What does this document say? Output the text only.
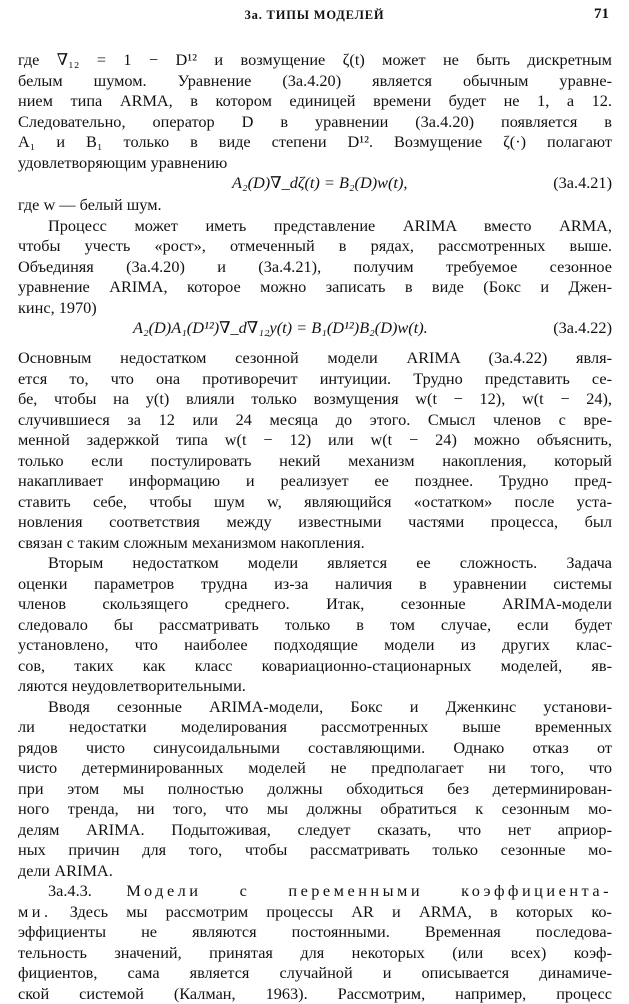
3а. ТИПЫ МОДЕЛЕЙ	71
где ∇₁₂ = 1 − D¹² и возмущение ζ(t) может не быть дискретным
белым шумом. Уравнение (3а.4.20) является обычным уравне-
нием типа ARMA, в котором единицей времени будет не 1, а 12.
Следовательно, оператор D в уравнении (3а.4.20) появляется в
A₁ и B₁ только в виде степени D¹². Возмущение ζ(·) полагают
удовлетворяющим уравнению
A₂(D)∇_dζ(t) = B₂(D)w(t),	(3а.4.21)
где w — белый шум.
Процесс может иметь представление ARIMA вместо ARMA,
чтобы учесть «рост», отмеченный в рядах, рассмотренных выше.
Объединяя (3а.4.20) и (3а.4.21), получим требуемое сезонное
уравнение ARIMA, которое можно записать в виде (Бокс и Джен-
кинс, 1970)
A₂(D)A₁(D¹²)∇_d∇₁₂y(t) = B₁(D¹²)B₂(D)w(t).	(3а.4.22)
Основным недостатком сезонной модели ARIMA (3а.4.22) явля-
ется то, что она противоречит интуиции. Трудно представить се-
бе, чтобы на y(t) влияли только возмущения w(t − 12), w(t − 24),
случившиеся за 12 или 24 месяца до этого. Смысл членов с вре-
менной задержкой типа w(t − 12) или w(t − 24) можно объяснить,
только если постулировать некий механизм накопления, который
накапливает информацию и реализует ее позднее. Трудно пред-
ставить себе, чтобы шум w, являющийся «остатком» после уста-
новления соответствия между известными частями процесса, был
связан с таким сложным механизмом накопления.
Вторым недостатком модели является ее сложность. Задача
оценки параметров трудна из-за наличия в уравнении системы
членов скользящего среднего. Итак, сезонные ARIMA-модели
следовало бы рассматривать только в том случае, если будет
установлено, что наиболее подходящие модели из других клас-
сов, таких как класс ковариационно-стационарных моделей, яв-
ляются неудовлетворительными.
Вводя сезонные ARIMA-модели, Бокс и Дженкинс установи-
ли недостатки моделирования рассмотренных выше временных
рядов чисто синусоидальными составляющими. Однако отказ от
чисто детерминированных моделей не предполагает ни того, что
при этом мы полностью должны обходиться без детерминирован-
ного тренда, ни того, что мы должны обратиться к сезонным мо-
делям ARIMA. Подытоживая, следует сказать, что нет априор-
ных причин для того, чтобы рассматривать только сезонные мо-
дели ARIMA.
3а.4.3. Модели с переменными коэффициента-
ми. Здесь мы рассмотрим процессы AR и ARMA, в которых ко-
эффициенты не являются постоянными. Временная последова-
тельность значений, принятая для некоторых (или всех) коэф-
фициентов, сама является случайной и описывается динамиче-
ской системой (Калман, 1963). Рассмотрим, например, процесс
